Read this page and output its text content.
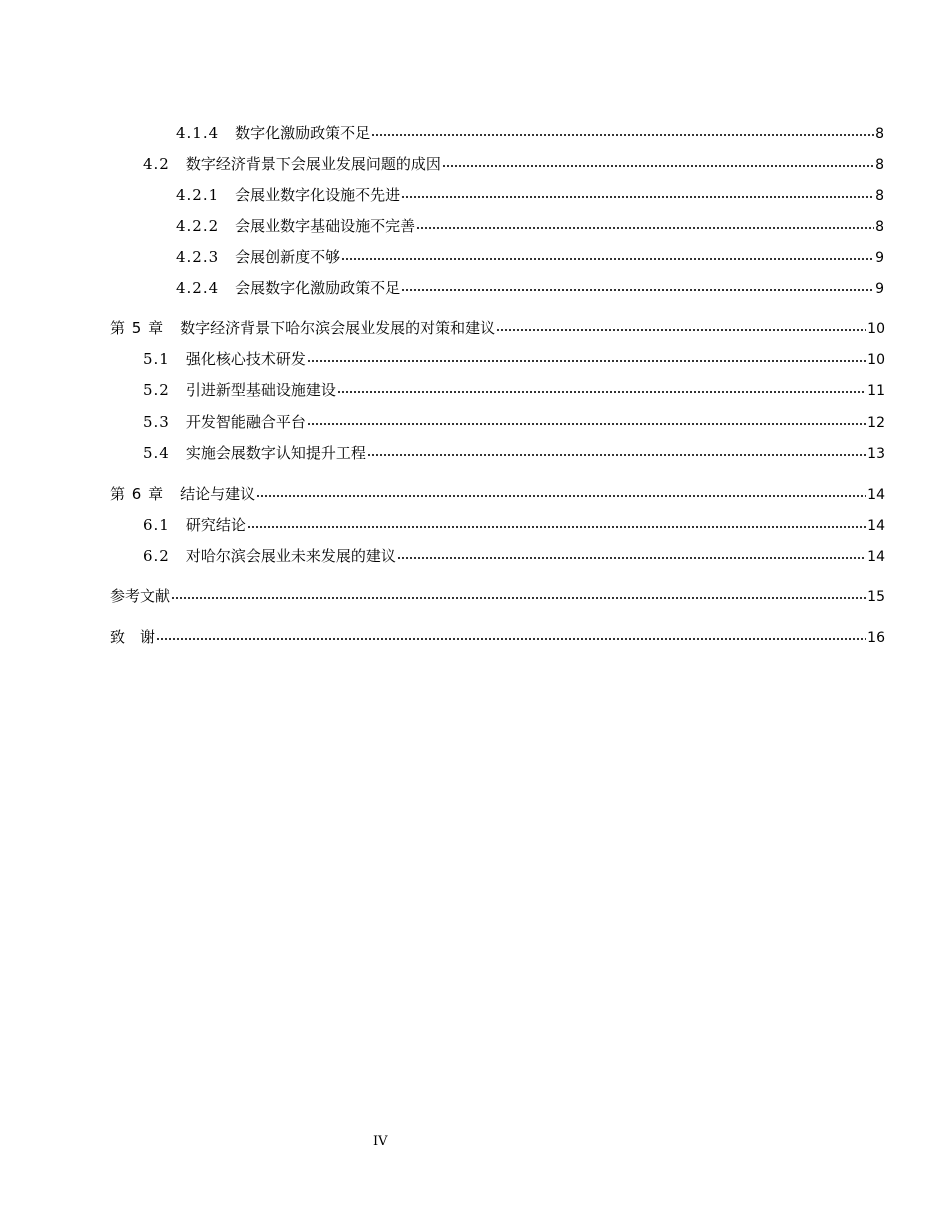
4.1.4 数字化激励政策不足	8
4.2 数字经济背景下会展业发展问题的成因	8
4.2.1 会展业数字化设施不先进	8
4.2.2 会展业数字基础设施不完善	8
4.2.3 会展创新度不够	9
4.2.4 会展数字化激励政策不足	9
第 5 章 数字经济背景下哈尔滨会展业发展的对策和建议	10
5.1 强化核心技术研发	10
5.2 引进新型基础设施建设	11
5.3 开发智能融合平台	12
5.4 实施会展数字认知提升工程	13
第 6 章 结论与建议	14
6.1 研究结论	14
6.2 对哈尔滨会展业未来发展的建议	14
参考文献	15
致　谢	16
IV
